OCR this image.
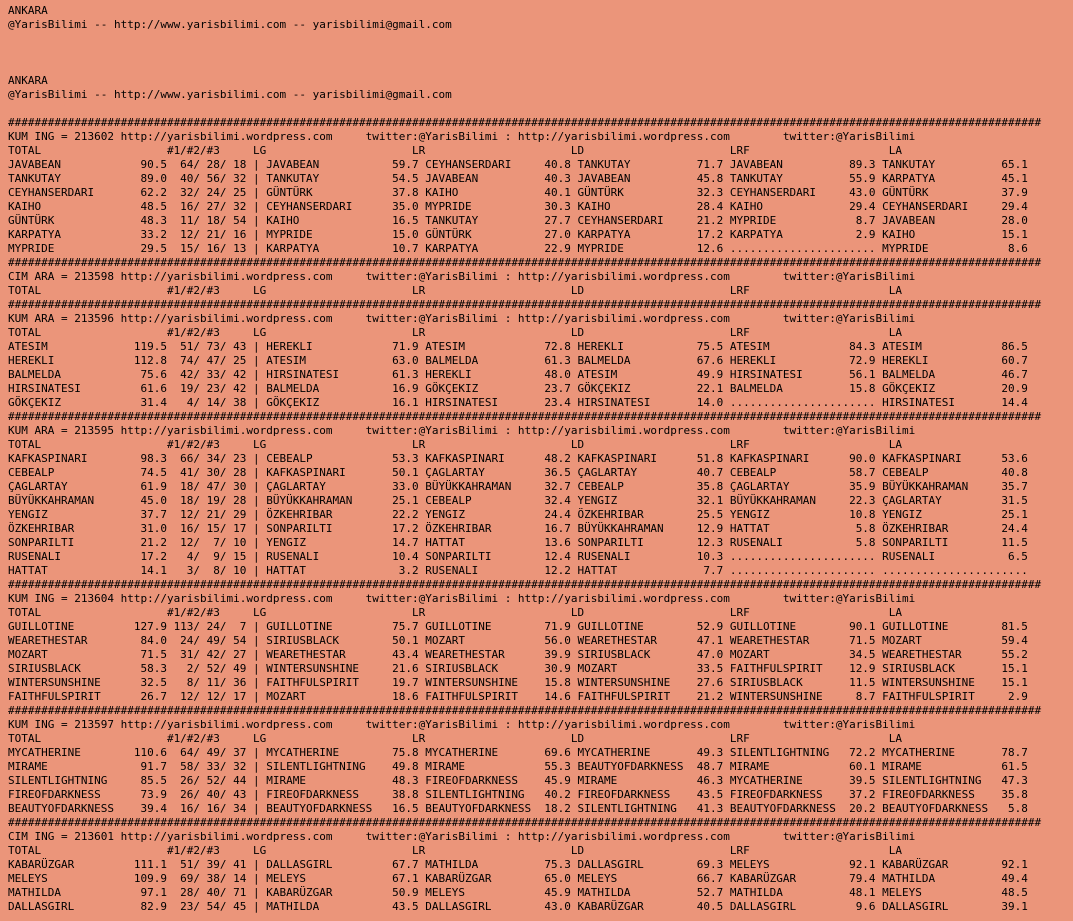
ANKARA
@YarisBilimi -- http://www.yarisbilimi.com -- yarisbilimi@gmail.com
ANKARA
@YarisBilimi -- http://www.yarisbilimi.com -- yarisbilimi@gmail.com
############################################################################################################################################################
KUM ING = 213602 http://yarisbilimi.wordpress.com     twitter:@YarisBilimi : http://yarisbilimi.wordpress.com        twitter:@YarisBilimi
TOTAL                   #1/#2/#3     LG                      LR                      LD                      LRF                     LA
JAVABEAN            90.5  64/ 28/ 18 | JAVABEAN           59.7 CEYHANSERDARI     40.8 TANKUTAY          71.7 JAVABEAN          89.3 TANKUTAY          65.1
TANKUTAY            89.0  40/ 56/ 32 | TANKUTAY           54.5 JAVABEAN          40.3 JAVABEAN          45.8 TANKUTAY          55.9 KARPATYA          45.1
CEYHANSERDARI       62.2  32/ 24/ 25 | GÜNTÜRK            37.8 KAIHO             40.1 GÜNTÜRK           32.3 CEYHANSERDARI     43.0 GÜNTÜRK           37.9
KAIHO               48.5  16/ 27/ 32 | CEYHANSERDARI      35.0 MYPRIDE           30.3 KAIHO             28.4 KAIHO             29.4 CEYHANSERDARI     29.4
GÜNTÜRK             48.3  11/ 18/ 54 | KAIHO              16.5 TANKUTAY          27.7 CEYHANSERDARI     21.2 MYPRIDE            8.7 JAVABEAN          28.0
KARPATYA            33.2  12/ 21/ 16 | MYPRIDE            15.0 GÜNTÜRK           27.0 KARPATYA          17.2 KARPATYA           2.9 KAIHO             15.1
MYPRIDE             29.5  15/ 16/ 13 | KARPATYA           10.7 KARPATYA          22.9 MYPRIDE           12.6 ...................... MYPRIDE            8.6
############################################################################################################################################################
CIM ARA = 213598 http://yarisbilimi.wordpress.com     twitter:@YarisBilimi : http://yarisbilimi.wordpress.com        twitter:@YarisBilimi
TOTAL                   #1/#2/#3     LG                      LR                      LD                      LRF                     LA
############################################################################################################################################################
KUM ARA = 213596 http://yarisbilimi.wordpress.com     twitter:@YarisBilimi : http://yarisbilimi.wordpress.com        twitter:@YarisBilimi
TOTAL                   #1/#2/#3     LG                      LR                      LD                      LRF                     LA
ATESIM             119.5  51/ 73/ 43 | HEREKLI            71.9 ATESIM            72.8 HEREKLI           75.5 ATESIM            84.3 ATESIM            86.5
HEREKLI            112.8  74/ 47/ 25 | ATESIM             63.0 BALMELDA          61.3 BALMELDA          67.6 HEREKLI           72.9 HEREKLI           60.7
BALMELDA            75.6  42/ 33/ 42 | HIRSINATESI        61.3 HEREKLI           48.0 ATESIM            49.9 HIRSINATESI       56.1 BALMELDA          46.7
HIRSINATESI         61.6  19/ 23/ 42 | BALMELDA           16.9 GÖKÇEKIZ          23.7 GÖKÇEKIZ          22.1 BALMELDA          15.8 GÖKÇEKIZ          20.9
GÖKÇEKIZ            31.4   4/ 14/ 38 | GÖKÇEKIZ           16.1 HIRSINATESI       23.4 HIRSINATESI       14.0 ...................... HIRSINATESI       14.4
############################################################################################################################################################
KUM ARA = 213595 http://yarisbilimi.wordpress.com     twitter:@YarisBilimi : http://yarisbilimi.wordpress.com        twitter:@YarisBilimi
TOTAL                   #1/#2/#3     LG                      LR                      LD                      LRF                     LA
KAFKASPINARI        98.3  66/ 34/ 23 | CEBEALP            53.3 KAFKASPINARI      48.2 KAFKASPINARI      51.8 KAFKASPINARI      90.0 KAFKASPINARI      53.6
CEBEALP             74.5  41/ 30/ 28 | KAFKASPINARI       50.1 ÇAGLARTAY         36.5 ÇAGLARTAY         40.7 CEBEALP           58.7 CEBEALP           40.8
ÇAGLARTAY           61.9  18/ 47/ 30 | ÇAGLARTAY          33.0 BÜYÜKKAHRAMAN     32.7 CEBEALP           35.8 ÇAGLARTAY         35.9 BÜYÜKKAHRAMAN     35.7
BÜYÜKKAHRAMAN       45.0  18/ 19/ 28 | BÜYÜKKAHRAMAN      25.1 CEBEALP           32.4 YENGIZ            32.1 BÜYÜKKAHRAMAN     22.3 ÇAGLARTAY         31.5
YENGIZ              37.7  12/ 21/ 29 | ÖZKEHRIBAR         22.2 YENGIZ            24.4 ÖZKEHRIBAR        25.5 YENGIZ            10.8 YENGIZ            25.1
ÖZKEHRIBAR          31.0  16/ 15/ 17 | SONPARILTI         17.2 ÖZKEHRIBAR        16.7 BÜYÜKKAHRAMAN     12.9 HATTAT             5.8 ÖZKEHRIBAR        24.4
SONPARILTI          21.2  12/  7/ 10 | YENGIZ             14.7 HATTAT            13.6 SONPARILTI        12.3 RUSENALI           5.8 SONPARILTI        11.5
RUSENALI            17.2   4/  9/ 15 | RUSENALI           10.4 SONPARILTI        12.4 RUSENALI          10.3 ...................... RUSENALI           6.5
HATTAT              14.1   3/  8/ 10 | HATTAT              3.2 RUSENALI          12.2 HATTAT             7.7 ...................... ......................
############################################################################################################################################################
KUM ING = 213604 http://yarisbilimi.wordpress.com     twitter:@YarisBilimi : http://yarisbilimi.wordpress.com        twitter:@YarisBilimi
TOTAL                   #1/#2/#3     LG                      LR                      LD                      LRF                     LA
GUILLOTINE         127.9 113/ 24/  7 | GUILLOTINE         75.7 GUILLOTINE        71.9 GUILLOTINE        52.9 GUILLOTINE        90.1 GUILLOTINE        81.5
WEARETHESTAR        84.0  24/ 49/ 54 | SIRIUSBLACK        50.1 MOZART            56.0 WEARETHESTAR      47.1 WEARETHESTAR      71.5 MOZART            59.4
MOZART              71.5  31/ 42/ 27 | WEARETHESTAR       43.4 WEARETHESTAR      39.9 SIRIUSBLACK       47.0 MOZART            34.5 WEARETHESTAR      55.2
SIRIUSBLACK         58.3   2/ 52/ 49 | WINTERSUNSHINE     21.6 SIRIUSBLACK       30.9 MOZART            33.5 FAITHFULSPIRIT    12.9 SIRIUSBLACK       15.1
WINTERSUNSHINE      32.5   8/ 11/ 36 | FAITHFULSPIRIT     19.7 WINTERSUNSHINE    15.8 WINTERSUNSHINE    27.6 SIRIUSBLACK       11.5 WINTERSUNSHINE    15.1
FAITHFULSPIRIT      26.7  12/ 12/ 17 | MOZART             18.6 FAITHFULSPIRIT    14.6 FAITHFULSPIRIT    21.2 WINTERSUNSHINE     8.7 FAITHFULSPIRIT     2.9
############################################################################################################################################################
KUM ING = 213597 http://yarisbilimi.wordpress.com     twitter:@YarisBilimi : http://yarisbilimi.wordpress.com        twitter:@YarisBilimi
TOTAL                   #1/#2/#3     LG                      LR                      LD                      LRF                     LA
MYCATHERINE        110.6  64/ 49/ 37 | MYCATHERINE        75.8 MYCATHERINE       69.6 MYCATHERINE       49.3 SILENTLIGHTNING   72.2 MYCATHERINE       78.7
MIRAME              91.7  58/ 33/ 32 | SILENTLIGHTNING    49.8 MIRAME            55.3 BEAUTYOFDARKNESS  48.7 MIRAME            60.1 MIRAME            61.5
SILENTLIGHTNING     85.5  26/ 52/ 44 | MIRAME             48.3 FIREOFDARKNESS    45.9 MIRAME            46.3 MYCATHERINE       39.5 SILENTLIGHTNING   47.3
FIREOFDARKNESS      73.9  26/ 40/ 43 | FIREOFDARKNESS     38.8 SILENTLIGHTNING   40.2 FIREOFDARKNESS    43.5 FIREOFDARKNESS    37.2 FIREOFDARKNESS    35.8
BEAUTYOFDARKNESS    39.4  16/ 16/ 34 | BEAUTYOFDARKNESS   16.5 BEAUTYOFDARKNESS  18.2 SILENTLIGHTNING   41.3 BEAUTYOFDARKNESS  20.2 BEAUTYOFDARKNESS   5.8
############################################################################################################################################################
CIM ING = 213601 http://yarisbilimi.wordpress.com     twitter:@YarisBilimi : http://yarisbilimi.wordpress.com        twitter:@YarisBilimi
TOTAL                   #1/#2/#3     LG                      LR                      LD                      LRF                     LA
KABARÜZGAR         111.1  51/ 39/ 41 | DALLASGIRL         67.7 MATHILDA          75.3 DALLASGIRL        69.3 MELEYS            92.1 KABARÜZGAR        92.1
MELEYS             109.9  69/ 38/ 14 | MELEYS             67.1 KABARÜZGAR        65.0 MELEYS            66.7 KABARÜZGAR        79.4 MATHILDA          49.4
MATHILDA            97.1  28/ 40/ 71 | KABARÜZGAR         50.9 MELEYS            45.9 MATHILDA          52.7 MATHILDA          48.1 MELEYS            48.5
DALLASGIRL          82.9  23/ 54/ 45 | MATHILDA           43.5 DALLASGIRL        43.0 KABARÜZGAR        40.5 DALLASGIRL         9.6 DALLASGIRL        39.1
